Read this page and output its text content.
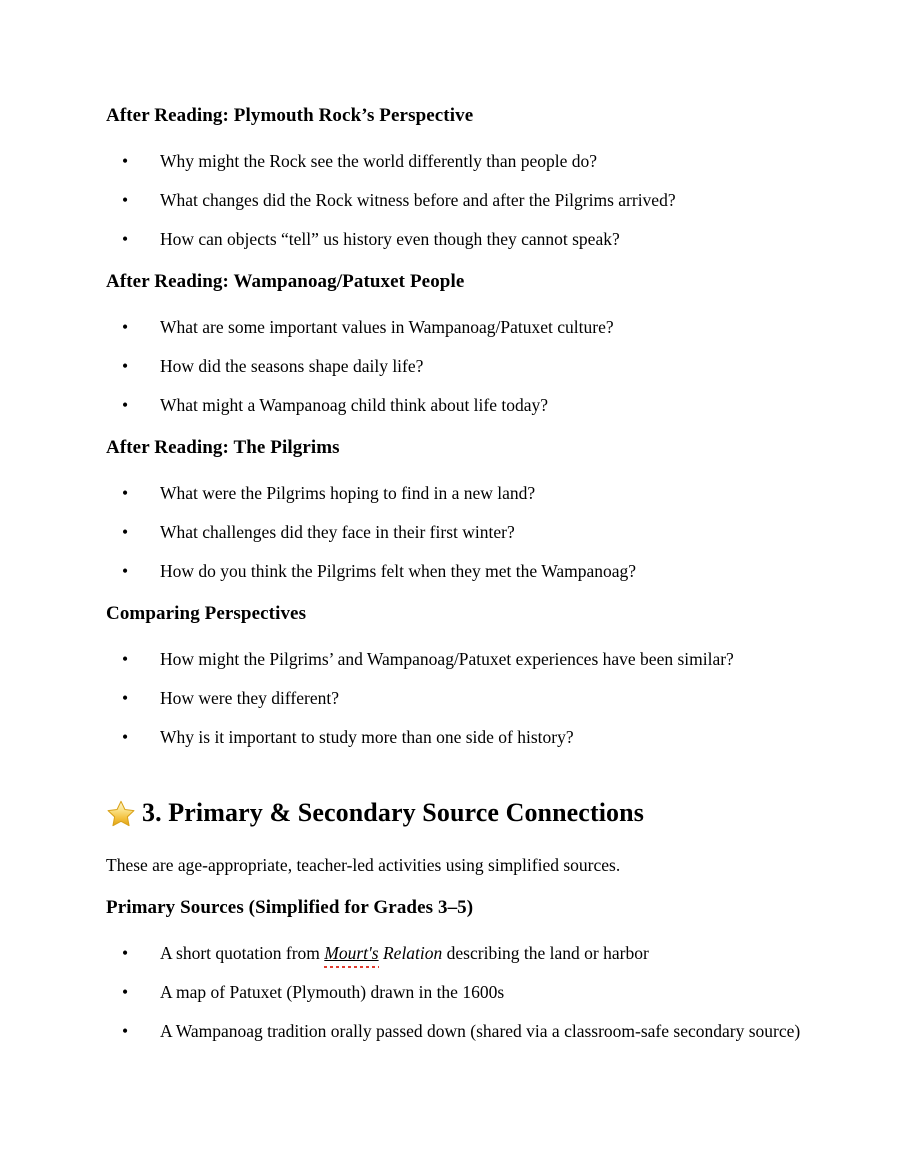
After Reading: Plymouth Rock’s Perspective
• Why might the Rock see the world differently than people do?
• What changes did the Rock witness before and after the Pilgrims arrived?
• How can objects “tell” us history even though they cannot speak?
After Reading: Wampanoag/Patuxet People
• What are some important values in Wampanoag/Patuxet culture?
• How did the seasons shape daily life?
• What might a Wampanoag child think about life today?
After Reading: The Pilgrims
• What were the Pilgrims hoping to find in a new land?
• What challenges did they face in their first winter?
• How do you think the Pilgrims felt when they met the Wampanoag?
Comparing Perspectives
• How might the Pilgrims’ and Wampanoag/Patuxet experiences have been similar?
• How were they different?
• Why is it important to study more than one side of history?
3. Primary & Secondary Source Connections

These are age-appropriate, teacher-led activities using simplified sources.

Primary Sources (Simplified for Grades 3–5)
• A short quotation from Mourt's Relation describing the land or harbor
• A map of Patuxet (Plymouth) drawn in the 1600s
• A Wampanoag tradition orally passed down (shared via a classroom-safe secondary source)
